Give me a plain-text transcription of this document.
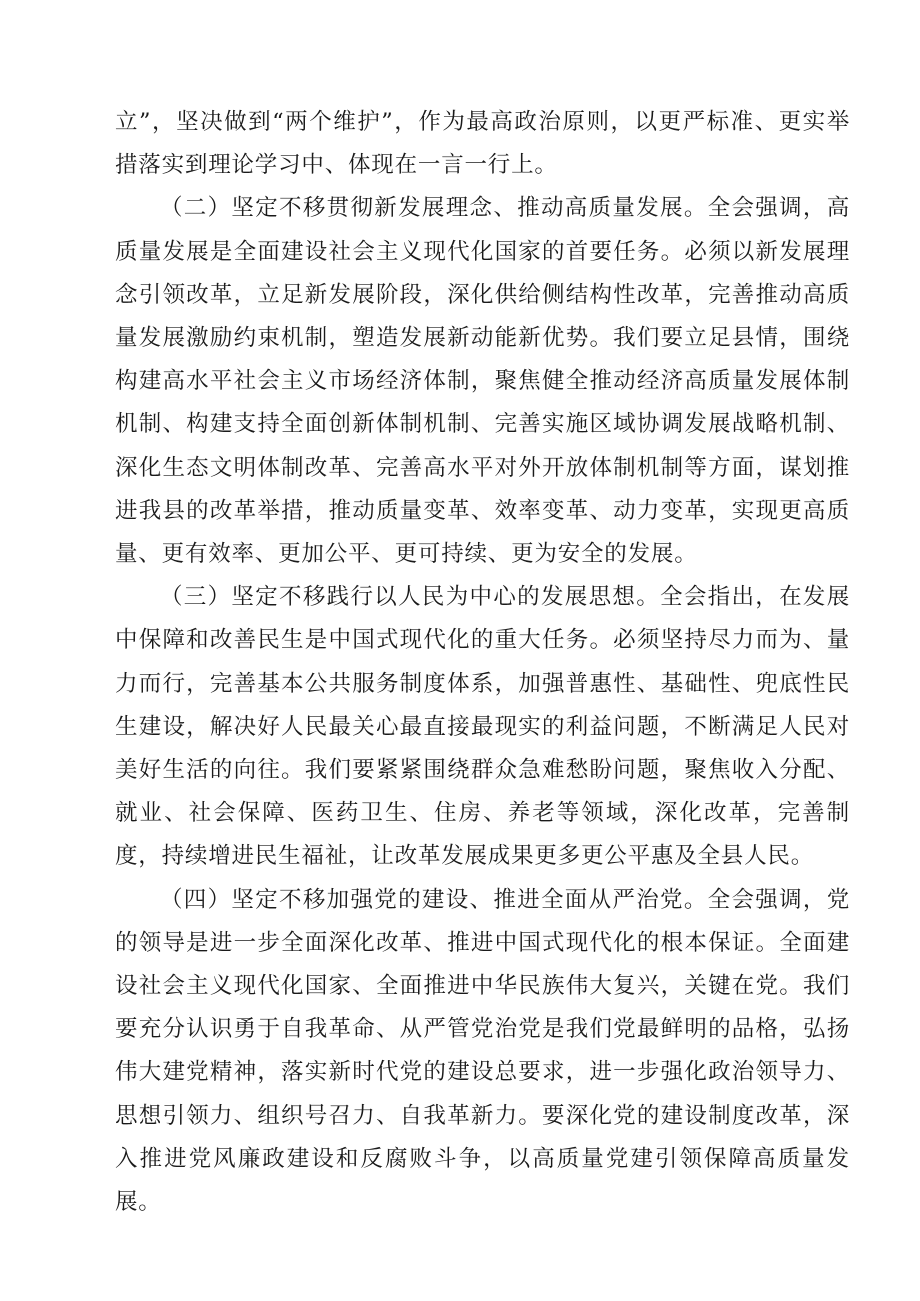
立”，坚决做到“两个维护”，作为最高政治原则，以更严标准、更实举措落实到理论学习中、体现在一言一行上。

（二）坚定不移贯彻新发展理念、推动高质量发展。全会强调，高质量发展是全面建设社会主义现代化国家的首要任务。必须以新发展理念引领改革，立足新发展阶段，深化供给侧结构性改革，完善推动高质量发展激励约束机制，塑造发展新动能新优势。我们要立足县情，围绕构建高水平社会主义市场经济体制，聚焦健全推动经济高质量发展体制机制、构建支持全面创新体制机制、完善实施区域协调发展战略机制、深化生态文明体制改革、完善高水平对外开放体制机制等方面，谋划推进我县的改革举措，推动质量变革、效率变革、动力变革，实现更高质量、更有效率、更加公平、更可持续、更为安全的发展。

（三）坚定不移践行以人民为中心的发展思想。全会指出，在发展中保障和改善民生是中国式现代化的重大任务。必须坚持尽力而为、量力而行，完善基本公共服务制度体系，加强普惠性、基础性、兜底性民生建设，解决好人民最关心最直接最现实的利益问题，不断满足人民对美好生活的向往。我们要紧紧围绕群众急难愁盼问题，聚焦收入分配、就业、社会保障、医药卫生、住房、养老等领域，深化改革，完善制度，持续增进民生福祉，让改革发展成果更多更公平惠及全县人民。

（四）坚定不移加强党的建设、推进全面从严治党。全会强调，党的领导是进一步全面深化改革、推进中国式现代化的根本保证。全面建设社会主义现代化国家、全面推进中华民族伟大复兴，关键在党。我们要充分认识勇于自我革命、从严管党治党是我们党最鲜明的品格，弘扬伟大建党精神，落实新时代党的建设总要求，进一步强化政治领导力、思想引领力、组织号召力、自我革新力。要深化党的建设制度改革，深入推进党风廉政建设和反腐败斗争，以高质量党建引领保障高质量发展。
